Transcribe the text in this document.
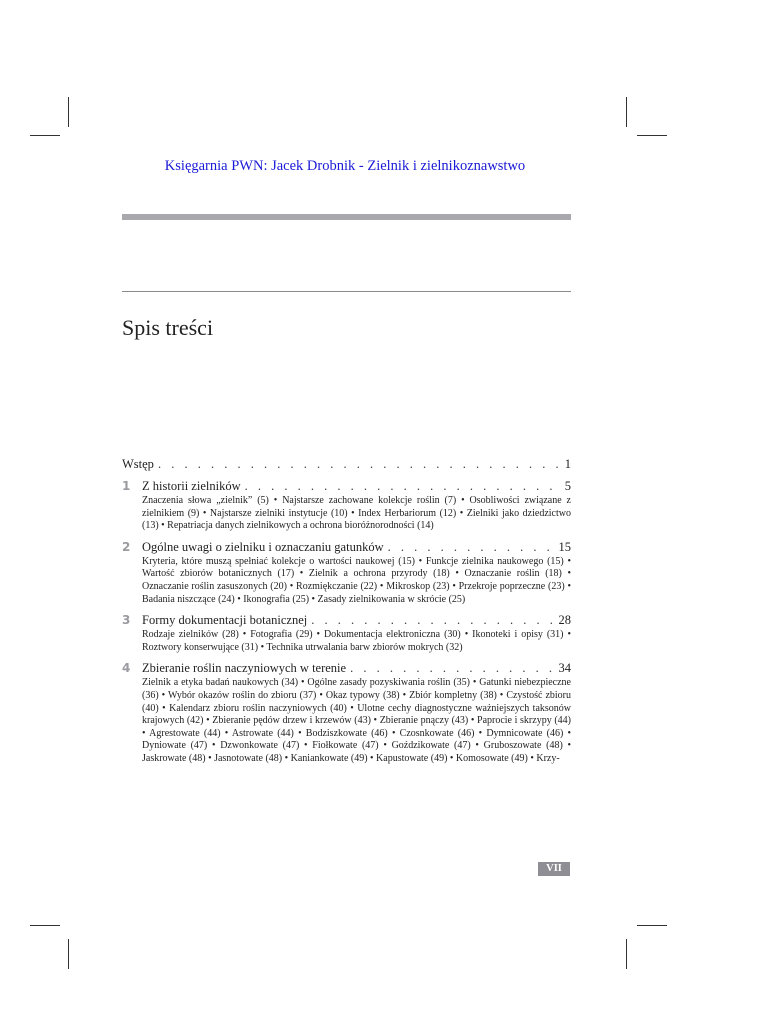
Księgarnia PWN: Jacek Drobnik - Zielnik i zielnikoznawstwo
Spis treści
Wstęp . . .	1
1 Z historii zielników . . .	5
Znaczenia słowa „zielnik” (5) • Najstarsze zachowane kolekcje roślin (7) • Osobliwości związane z zielnikiem (9) • Najstarsze zielniki instytucje (10) • Index Herbariorum (12) • Zielniki jako dziedzictwo (13) • Repatriacja danych zielnikowych a ochrona bioróżnorodności (14)
2 Ogólne uwagi o zielniku i oznaczaniu gatunków . . .	15
Kryteria, które muszą spełniać kolekcje o wartości naukowej (15) • Funkcje zielnika naukowego (15) • Wartość zbiorów botanicznych (17) • Zielnik a ochrona przyrody (18) • Oznaczanie roślin (18) • Oznaczanie roślin zasuszonych (20) • Rozmiękczanie (22) • Mikroskop (23) • Przekroje poprzeczne (23) • Badania niszczące (24) • Ikonografia (25) • Zasady zielnikowania w skrócie (25)
3 Formy dokumentacji botanicznej . . .	28
Rodzaje zielników (28) • Fotografia (29) • Dokumentacja elektroniczna (30) • Ikonoteki i opisy (31) • Roztwory konserwujące (31) • Technika utrwalania barw zbiorów mokrych (32)
4 Zbieranie roślin naczyniowych w terenie . . .	34
Zielnik a etyka badań naukowych (34) • Ogólne zasady pozyskiwania roślin (35) • Gatunki niebezpieczne (36) • Wybór okazów roślin do zbioru (37) • Okaz typowy (38) • Zbiór kompletny (38) • Czystość zbioru (40) • Kalendarz zbioru roślin naczyniowych (40) • Ulotne cechy diagnostyczne ważniejszych taksonów krajowych (42) • Zbieranie pędów drzew i krzewów (43) • Zbieranie pnączy (43) • Paprocie i skrzypy (44) • Agrestowate (44) • Astrowate (44) • Bodziszkowate (46) • Czosnkowate (46) • Dymnicowate (46) • Dyniowate (47) • Dzwonkowate (47) • Fiołkowate (47) • Goździkowate (47) • Gruboszowate (48) • Jaskrowate (48) • Jasnotowate (48) • Kaniankowate (49) • Kapustowate (49) • Komosowate (49) • Krzy-
VII
